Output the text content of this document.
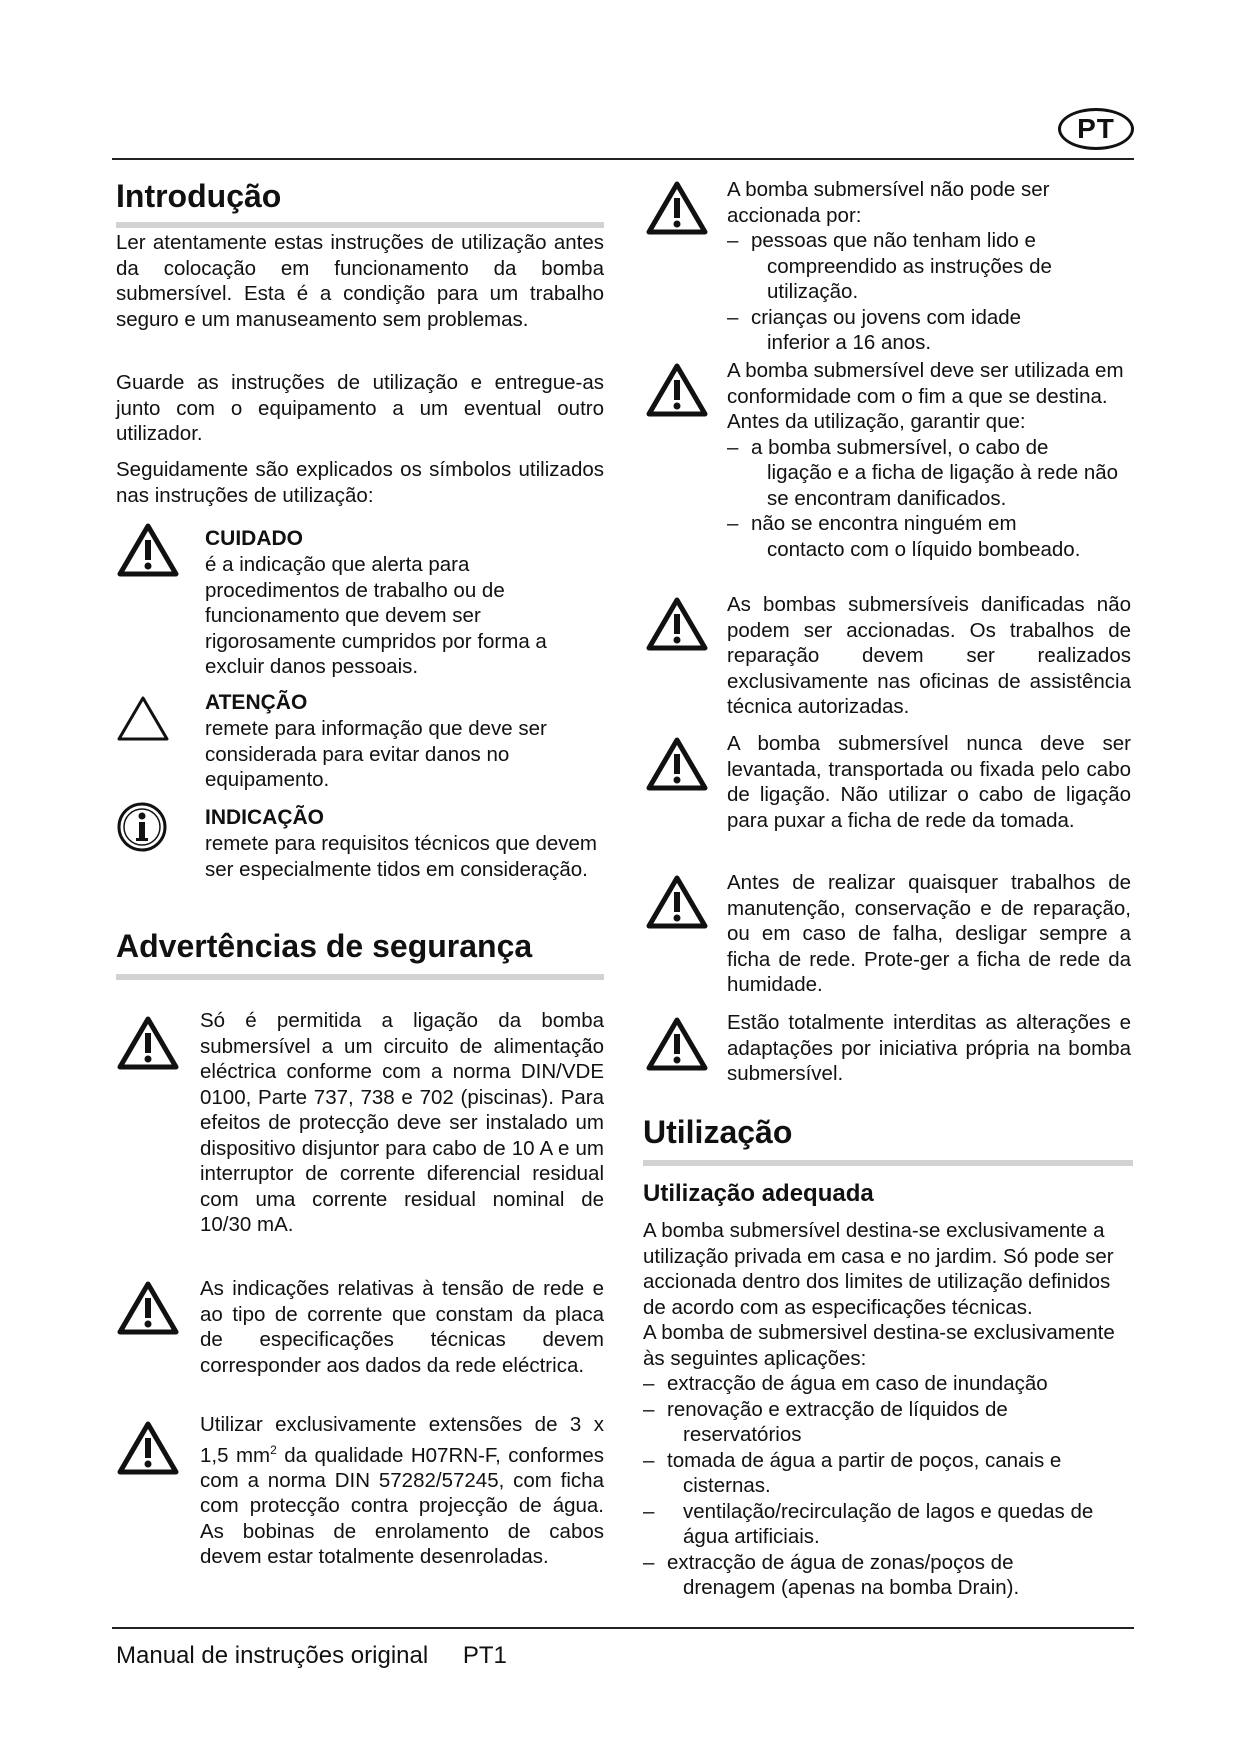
PT
Introdução

Ler atentamente estas instruções de utilização antes da colocação em funcionamento da bomba submersível. Esta é a condição para um trabalho seguro e um manuseamento sem problemas.

Guarde as instruções de utilização e entregue-as junto com o equipamento a um eventual outro utilizador.

Seguidamente são explicados os símbolos utilizados nas instruções de utilização:

CUIDADO
é a indicação que alerta para procedimentos de trabalho ou de funcionamento que devem ser rigorosamente cumpridos por forma a excluir danos pessoais.
ATENÇÃO
remete para informação que deve ser considerada para evitar danos no equipamento.
INDICAÇÃO
remete para requisitos técnicos que devem ser especialmente tidos em consideração.
Advertências de segurança

Só é permitida a ligação da bomba submersível a um circuito de alimentação eléctrica conforme com a norma DIN/VDE 0100, Parte 737, 738 e 702 (piscinas). Para efeitos de protecção deve ser instalado um dispositivo disjuntor para cabo de 10 A e um interruptor de corrente diferencial residual com uma corrente residual nominal de 10/30 mA.

As indicações relativas à tensão de rede e ao tipo de corrente que constam da placa de especificações técnicas devem corresponder aos dados da rede eléctrica.

Utilizar exclusivamente extensões de 3 x 1,5 $mm^2$ da qualidade H07RN-F, conformes com a norma DIN 57282/57245, com ficha com protecção contra projecção de água. As bobinas de enrolamento de cabos devem estar totalmente desenroladas.

A bomba submersível não pode ser accionada por:
– pessoas que não tenham lido e
compreendido as instruções de utilização.
– crianças ou jovens com idade
inferior a 16 anos.
A bomba submersível deve ser utilizada em conformidade com o fim a que se destina. Antes da utilização, garantir que:
– a bomba submersível, o cabo de
ligação e a ficha de ligação à rede não se encontram danificados.
– não se encontra ninguém em
contacto com o líquido bombeado.

As bombas submersíveis danificadas não podem ser accionadas. Os trabalhos de reparação devem ser realizados exclusivamente nas oficinas de assistência técnica autorizadas.

A bomba submersível nunca deve ser levantada, transportada ou fixada pelo cabo de ligação. Não utilizar o cabo de ligação para puxar a ficha de rede da tomada.

Antes de realizar quaisquer trabalhos de manutenção, conservação e de reparação, ou em caso de falha, desligar sempre a ficha de rede. Prote-ger a ficha de rede da humidade.

Estão totalmente interditas as alterações e adaptações por iniciativa própria na bomba submersível.

Utilização
Utilização adequada

A bomba submersível destina-se exclusivamente a utilização privada em casa e no jardim. Só pode ser accionada dentro dos limites de utilização definidos de acordo com as especificações técnicas.

A bomba de submersivel destina-se exclusivamente às seguintes aplicações:

– extracção de água em caso de inundação
– renovação e extracção de líquidos de
reservatórios
– tomada de água a partir de poços, canais e
cisternas.
– ventilação/recirculação de lagos e quedas de água artificiais.
– extracção de água de zonas/poços de
drenagem (apenas na bomba Drain).
Manual de instruções original PT1
